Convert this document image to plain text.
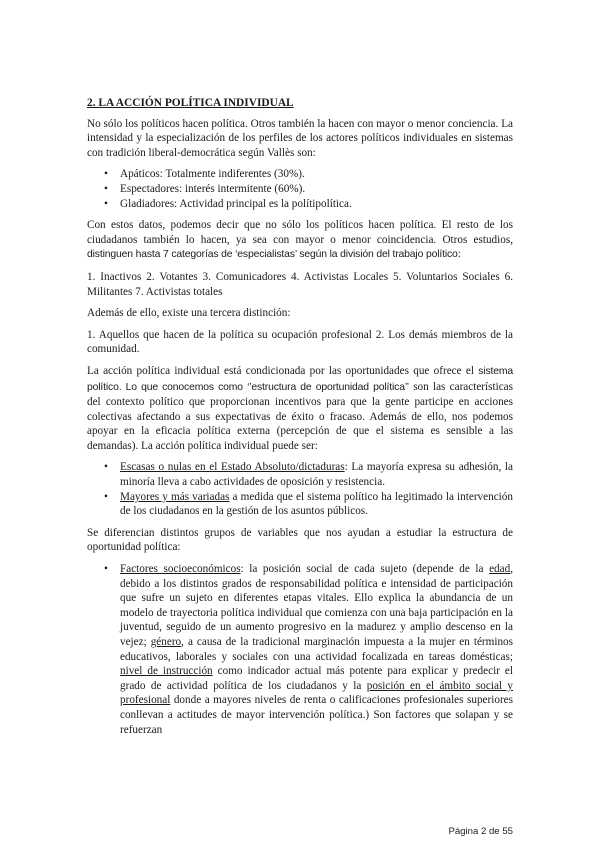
2. LA ACCIÓN POLÍTICA INDIVIDUAL

No sólo los políticos hacen política. Otros también la hacen con mayor o menor conciencia. La intensidad y la especialización de los perfiles de los actores políticos individuales en sistemas con tradición liberal-democrática según Vallès son:

• Apáticos: Totalmente indiferentes (30%).
• Espectadores: interés intermitente (60%).
• Gladiadores: Actividad principal es la polítipolítica.

Con estos datos, podemos decir que no sólo los políticos hacen política. El resto de los ciudadanos también lo hacen, ya sea con mayor o menor coincidencia. Otros estudios, distinguen hasta 7 categorías de ‘especialistas’ según la división del trabajo político:

1. Inactivos 2. Votantes 3. Comunicadores 4. Activistas Locales 5. Voluntarios Sociales 6. Militantes 7. Activistas totales

Además de ello, existe una tercera distinción:

1. Aquellos que hacen de la política su ocupación profesional 2. Los demás miembros de la comunidad.

La acción política individual está condicionada por las oportunidades que ofrece el sistema político. Lo que conocemos como ‘’estructura de oportunidad política’’ son las características del contexto político que proporcionan incentivos para que la gente participe en acciones colectivas afectando a sus expectativas de éxito o fracaso. Además de ello, nos podemos apoyar en la eficacia política externa (percepción de que el sistema es sensible a las demandas). La acción política individual puede ser:

• Escasas o nulas en el Estado Absoluto/dictaduras: La mayoría expresa su adhesión, la minoría lleva a cabo actividades de oposición y resistencia.
• Mayores y más variadas a medida que el sistema político ha legitimado la intervención de los ciudadanos en la gestión de los asuntos públicos.

Se diferencian distintos grupos de variables que nos ayudan a estudiar la estructura de oportunidad política:

• Factores socioeconómicos: la posición social de cada sujeto (depende de la edad, debido a los distintos grados de responsabilidad política e intensidad de participación que sufre un sujeto en diferentes etapas vitales. Ello explica la abundancia de un modelo de trayectoria política individual que comienza con una baja participación en la juventud, seguido de un aumento progresivo en la madurez y amplio descenso en la vejez; género, a causa de la tradicional marginación impuesta a la mujer en términos educativos, laborales y sociales con una actividad focalizada en tareas domésticas; nivel de instrucción como indicador actual más potente para explicar y predecir el grado de actividad política de los ciudadanos y la posición en el ámbito social y profesional donde a mayores niveles de renta o calificaciones profesionales superiores conllevan a actitudes de mayor intervención política.) Son factores que solapan y se refuerzan
Página 2 de 55
